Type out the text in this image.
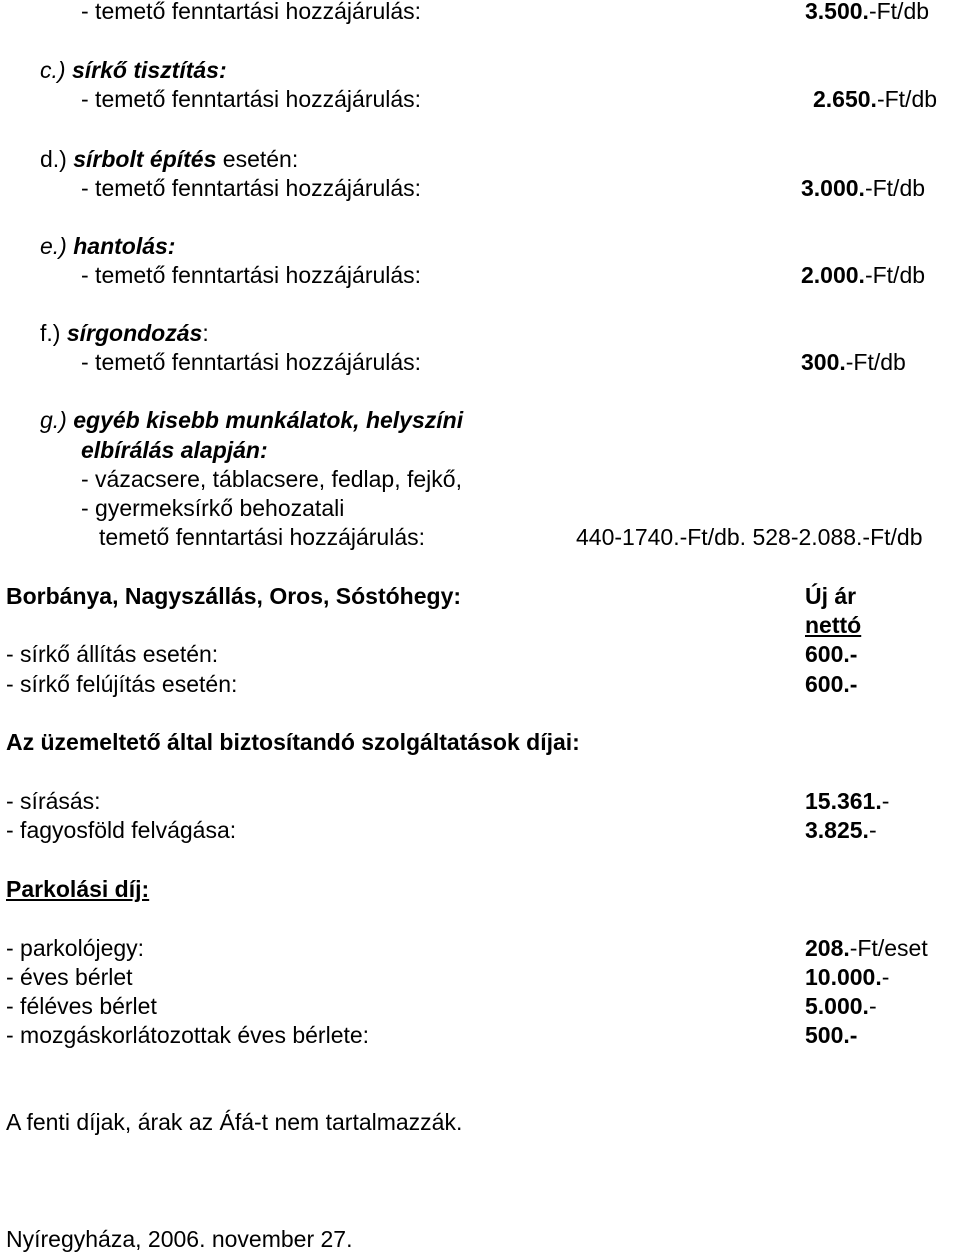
- temető fenntartási hozzájárulás:	3.500.-Ft/db
c.) sírkő tisztítás:
- temető fenntartási hozzájárulás:	2.650.-Ft/db
d.) sírbolt építés esetén:
- temető fenntartási hozzájárulás:	3.000.-Ft/db
e.) hantolás:
- temető fenntartási hozzájárulás:	2.000.-Ft/db
f.) sírgondozás:
- temető fenntartási hozzájárulás:	300.-Ft/db
g.) egyéb kisebb munkálatok, helyszíni
elbírálás alapján:
- vázacsere, táblacsere, fedlap, fejkő,
- gyermeksírkő behozatali
temető fenntartási hozzájárulás:	440-1740.-Ft/db. 528-2.088.-Ft/db
Borbánya, Nagyszállás, Oros, Sóstóhegy:	Új ár
nettó
- sírkő állítás esetén:	600.-
- sírkő felújítás esetén:	600.-
Az üzemeltető által biztosítandó szolgáltatások díjai:
- sírásás:	15.361.-
- fagyosföld felvágása:	3.825.-
Parkolási díj:
- parkolójegy:	208.-Ft/eset
- éves bérlet	10.000.-
- féléves bérlet	5.000.-
- mozgáskorlátozottak éves bérlete:	500.-
A fenti díjak, árak az Áfá-t nem tartalmazzák.
Nyíregyháza, 2006. november 27.
